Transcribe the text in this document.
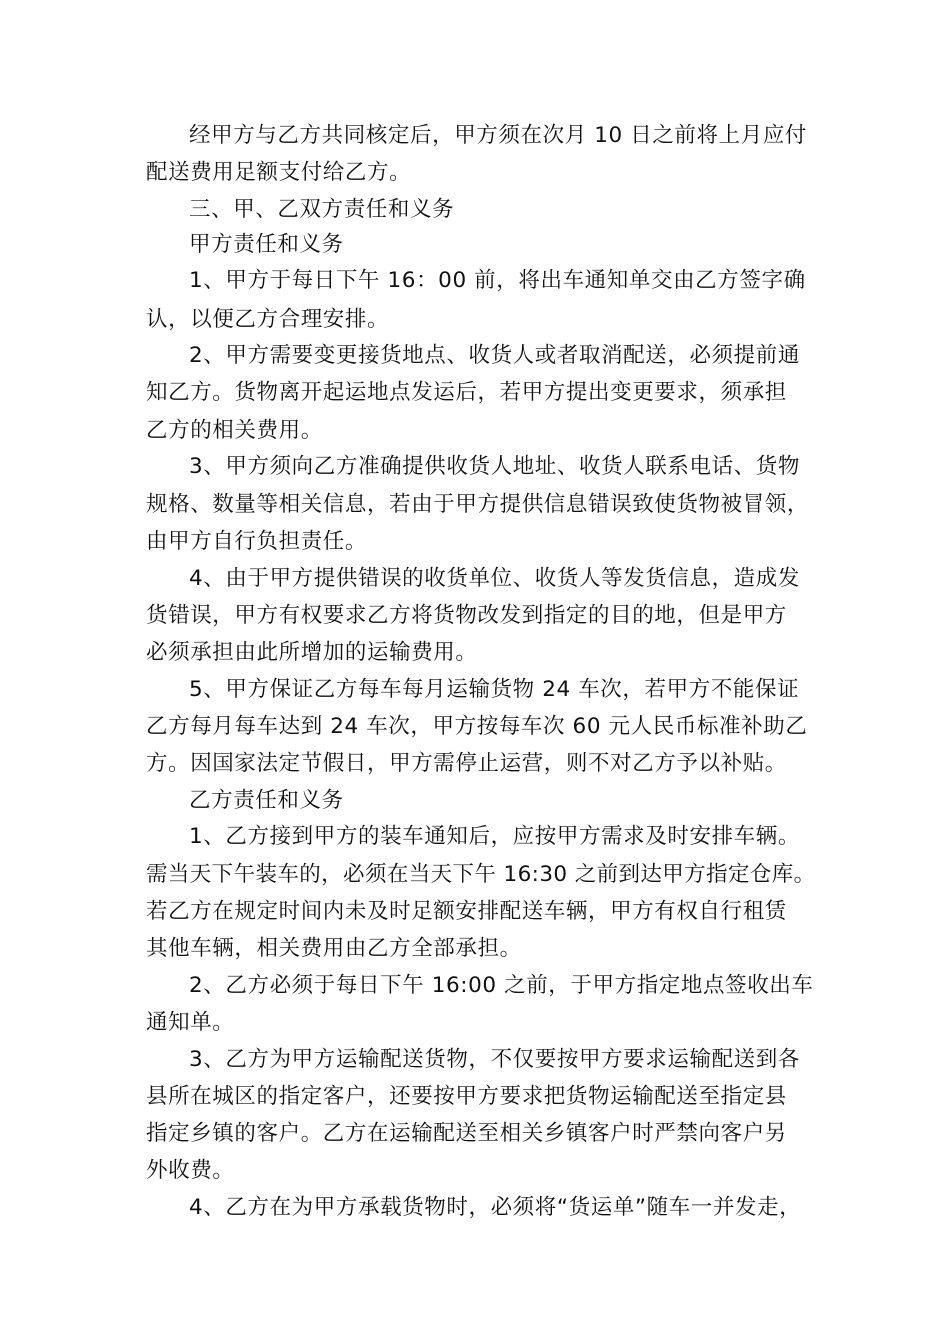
经甲方与乙方共同核定后，甲方须在次月 10 日之前将上月应付
配送费用足额支付给乙方。
三、甲、乙双方责任和义务
甲方责任和义务
1、甲方于每日下午 16：00 前，将出车通知单交由乙方签字确
认，以便乙方合理安排。
2、甲方需要变更接货地点、收货人或者取消配送，必须提前通
知乙方。货物离开起运地点发运后，若甲方提出变更要求，须承担
乙方的相关费用。
3、甲方须向乙方准确提供收货人地址、收货人联系电话、货物
规格、数量等相关信息，若由于甲方提供信息错误致使货物被冒领，
由甲方自行负担责任。
4、由于甲方提供错误的收货单位、收货人等发货信息，造成发
货错误，甲方有权要求乙方将货物改发到指定的目的地，但是甲方
必须承担由此所增加的运输费用。
5、甲方保证乙方每车每月运输货物 24 车次，若甲方不能保证
乙方每月每车达到 24 车次，甲方按每车次 60 元人民币标准补助乙
方。因国家法定节假日，甲方需停止运营，则不对乙方予以补贴。
乙方责任和义务
1、乙方接到甲方的装车通知后，应按甲方需求及时安排车辆。
需当天下午装车的，必须在当天下午 16:30 之前到达甲方指定仓库。
若乙方在规定时间内未及时足额安排配送车辆，甲方有权自行租赁
其他车辆，相关费用由乙方全部承担。
2、乙方必须于每日下午 16:00 之前，于甲方指定地点签收出车
通知单。
3、乙方为甲方运输配送货物，不仅要按甲方要求运输配送到各
县所在城区的指定客户，还要按甲方要求把货物运输配送至指定县
指定乡镇的客户。乙方在运输配送至相关乡镇客户时严禁向客户另
外收费。
4、乙方在为甲方承载货物时，必须将“货运单”随车一并发走，
